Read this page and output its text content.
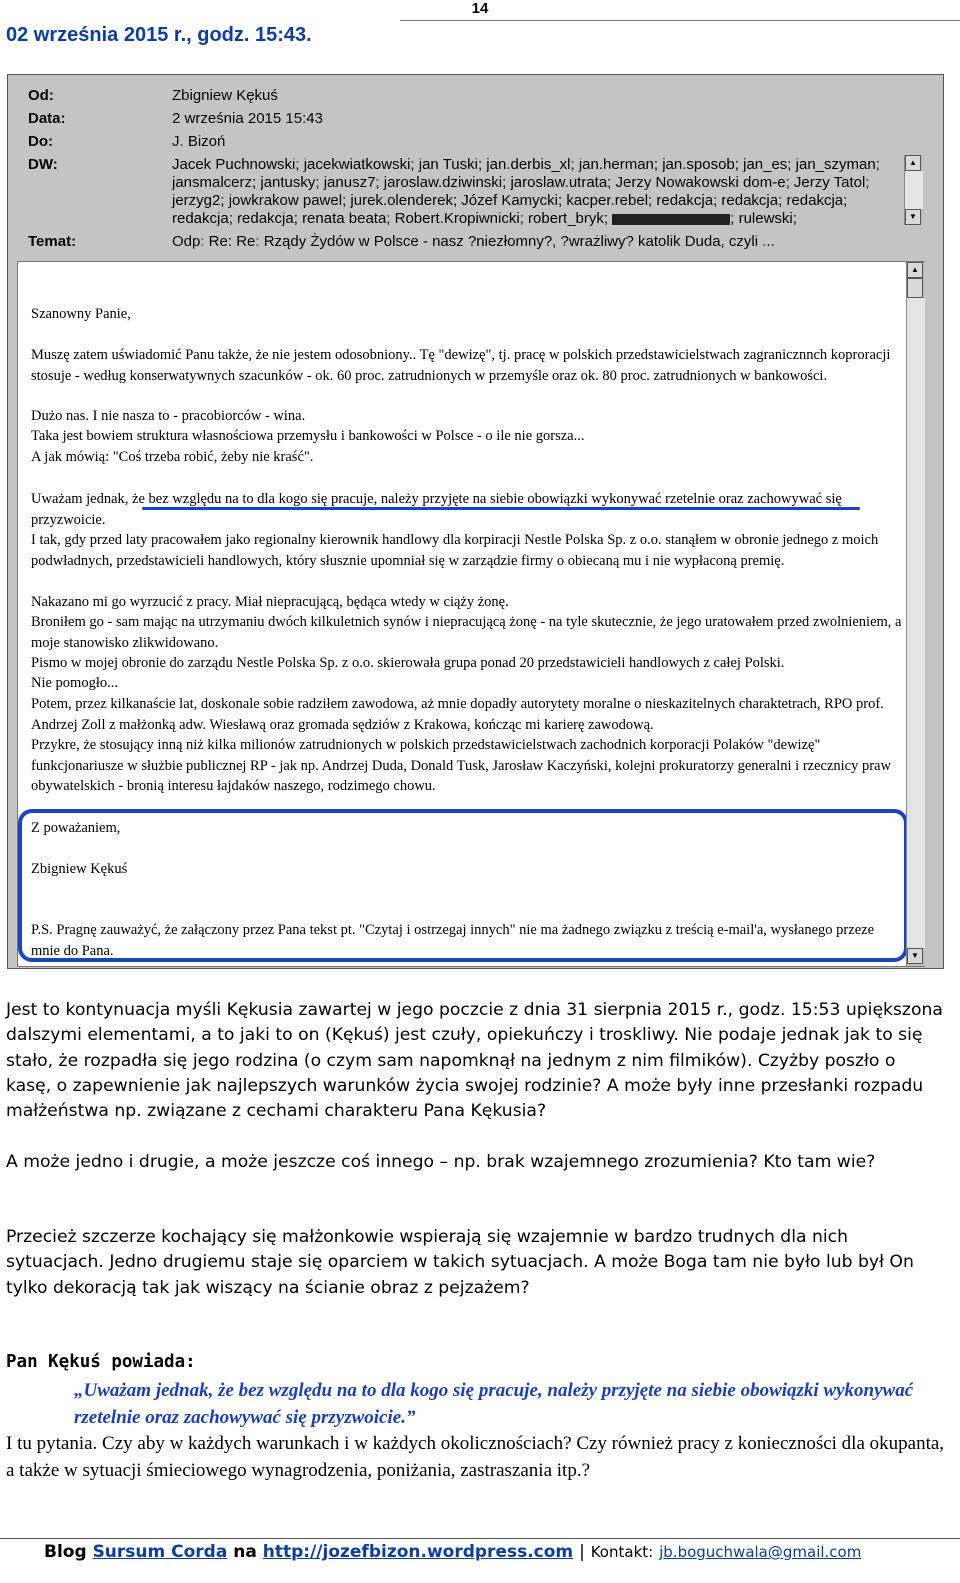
14
02 września 2015 r., godz. 15:43.
Od:	Zbigniew Kękuś
Data:	2 września 2015 15:43
Do:	J. Bizoń
DW:	Jacek Puchnowski; jacekwiatkowski; jan Tuski; jan.derbis_xl; jan.herman; jan.sposob; jan_es; jan_szyman;
jansmalcerz; jantusky; janusz7; jaroslaw.dziwinski; jaroslaw.utrata; Jerzy Nowakowski dom-e; Jerzy Tatol;
jerzyg2; jowkrakow pawel; jurek.olenderek; Józef Kamycki; kacper.rebel; redakcja; redakcja; redakcja;
redakcja; redakcja; renata beata; Robert.Kropiwnicki; robert_bryk;	; rulewski;
▲
▼
Temat:	Odp: Re: Re: Rządy Żydów w Polsce - nasz ?niezłomny?, ?wrażliwy? katolik Duda, czyli ...

Szanowny Panie,

Muszę zatem uświadomić Panu także, że nie jestem odosobniony.. Tę "dewizę", tj. pracę w polskich przedstawicielstwach zagranicznnch koproracji stosuje - według konserwatywnych szacunków - ok. 60 proc. zatrudnionych w przemyśle oraz ok. 80 proc. zatrudnionych w bankowości.

Dużo nas. I nie nasza to - pracobiorców - wina.

Taka jest bowiem struktura własnościowa przemysłu i bankowości w Polsce - o ile nie gorsza...

A jak mówią: "Coś trzeba robić, żeby nie kraść".

Uważam jednak, że bez względu na to dla kogo się pracuje, należy przyjęte na siebie obowiązki wykonywać rzetelnie oraz zachowywać się przyzwoicie.

I tak, gdy przed laty pracowałem jako regionalny kierownik handlowy dla korpiracji Nestle Polska Sp. z o.o. stanąłem w obronie jednego z moich podwładnych, przedstawicieli handlowych, który słusznie upomniał się w zarządzie firmy o obiecaną mu i nie wypłaconą premię.

Nakazano mi go wyrzucić z pracy. Miał niepracującą, będąca wtedy w ciąży żonę.

Broniłem go - sam mając na utrzymaniu dwóch kilkuletnich synów i niepracującą żonę - na tyle skutecznie, że jego uratowałem przed zwolnieniem, a moje stanowisko zlikwidowano.

Pismo w mojej obronie do zarządu Nestle Polska Sp. z o.o. skierowała grupa ponad 20 przedstawicieli handlowych z całej Polski.

Nie pomogło...

Potem, przez kilkanaście lat, doskonale sobie radziłem zawodowa, aż mnie dopadły autorytety moralne o nieskazitelnych charaktetrach, RPO prof. Andrzej Zoll z małżonką adw. Wiesławą oraz gromada sędziów z Krakowa, kończąc mi karierę zawodową.

Przykre, że stosujący inną niż kilka milionów zatrudnionych w polskich przedstawicielstwach zachodnich korporacji Polaków "dewizę" funkcjonariusze w służbie publicznej RP - jak np. Andrzej Duda, Donald Tusk, Jarosław Kaczyński, kolejni prokuratorzy generalni i rzecznicy praw obywatelskich - bronią interesu łajdaków naszego, rodzimego chowu.

Z poważaniem,

Zbigniew Kękuś

P.S. Pragnę zauważyć, że załączony przez Pana tekst pt. "Czytaj i ostrzegaj innych" nie ma żadnego związku z treścią e-mail'a, wysłanego przeze mnie do Pana.

▲
▼
Jest to kontynuacja myśli Kękusia zawartej w jego poczcie z dnia 31 sierpnia 2015 r., godz. 15:53 upiększona dalszymi elementami, a to jaki to on (Kękuś) jest czuły, opiekuńczy i troskliwy. Nie podaje jednak jak to się stało, że rozpadła się jego rodzina (o czym sam napomknął na jednym z nim filmików). Czyżby poszło o kasę, o zapewnienie jak najlepszych warunków życia swojej rodzinie? A może były inne przesłanki rozpadu małżeństwa np. związane z cechami charakteru Pana Kękusia?
A może jedno i drugie, a może jeszcze coś innego – np. brak wzajemnego zrozumienia? Kto tam wie?
Przecież szczerze kochający się małżonkowie wspierają się wzajemnie w bardzo trudnych dla nich sytuacjach. Jedno drugiemu staje się oparciem w takich sytuacjach. A może Boga tam nie było lub był On tylko dekoracją tak jak wiszący na ścianie obraz z pejzażem?
Pan Kękuś powiada:
„Uważam jednak, że bez względu na to dla kogo się pracuje, należy przyjęte na siebie obowiązki wykonywać rzetelnie oraz zachowywać się przyzwoicie.”
I tu pytania. Czy aby w każdych warunkach i w każdych okolicznościach? Czy również pracy z konieczności dla okupanta, a także w sytuacji śmieciowego wynagrodzenia, poniżania, zastraszania itp.?
Blog Sursum Corda na http://jozefbizon.wordpress.com | Kontakt: jb.boguchwala@gmail.com
